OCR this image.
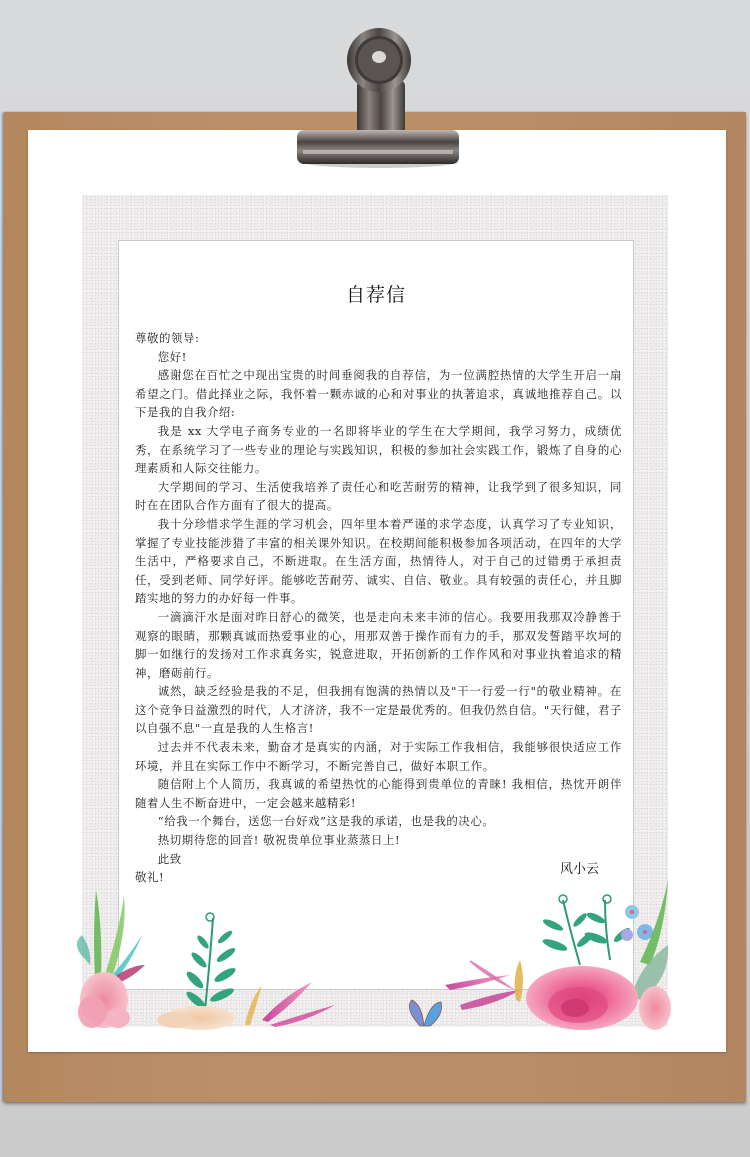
自荐信

尊敬的领导:

您好!

感谢您在百忙之中现出宝贵的时间垂阅我的自荐信，为一位满腔热情的大学生开启一扇希望之门。借此择业之际，我怀着一颗赤诚的心和对事业的执著追求，真诚地推荐自己。以下是我的自我介绍:

我是 xx 大学电子商务专业的一名即将毕业的学生在大学期间，我学习努力，成绩优秀，在系统学习了一些专业的理论与实践知识，积极的参加社会实践工作，锻炼了自身的心理素质和人际交往能力。

大学期间的学习、生活使我培养了责任心和吃苦耐劳的精神，让我学到了很多知识，同时在在团队合作方面有了很大的提高。

我十分珍惜求学生涯的学习机会，四年里本着严谨的求学态度，认真学习了专业知识，掌握了专业技能涉猎了丰富的相关课外知识。在校期间能积极参加各项活动，在四年的大学生活中，严格要求自己，不断进取。在生活方面，热情待人，对于自己的过错勇于承担责任，受到老师、同学好评。能够吃苦耐劳、诚实、自信、敬业。具有较强的责任心，并且脚踏实地的努力的办好每一件事。

一滴滴汗水是面对昨日舒心的微笑，也是走向未来丰沛的信心。我要用我那双冷静善于观察的眼睛，那颗真诚而热爱事业的心，用那双善于操作而有力的手，那双发誓踏平坎坷的脚一如继行的发扬对工作求真务实，锐意进取，开拓创新的工作作风和对事业执着追求的精神，磨砺前行。

诚然，缺乏经验是我的不足，但我拥有饱满的热情以及"干一行爱一行"的敬业精神。在这个竞争日益激烈的时代，人才济济，我不一定是最优秀的。但我仍然自信。"天行健，君子以自强不息"一直是我的人生格言!

过去并不代表未来，勤奋才是真实的内涵，对于实际工作我相信，我能够很快适应工作环境，并且在实际工作中不断学习，不断完善自己，做好本职工作。

随信附上个人简历，我真诚的希望热忱的心能得到贵单位的青睐! 我相信，热忱开朗伴随着人生不断奋进中，一定会越来越精彩!

“给我一个舞台，送您一台好戏”这是我的承诺，也是我的决心。

热切期待您的回音! 敬祝贵单位事业蒸蒸日上!

此致

敬礼!

风小云
